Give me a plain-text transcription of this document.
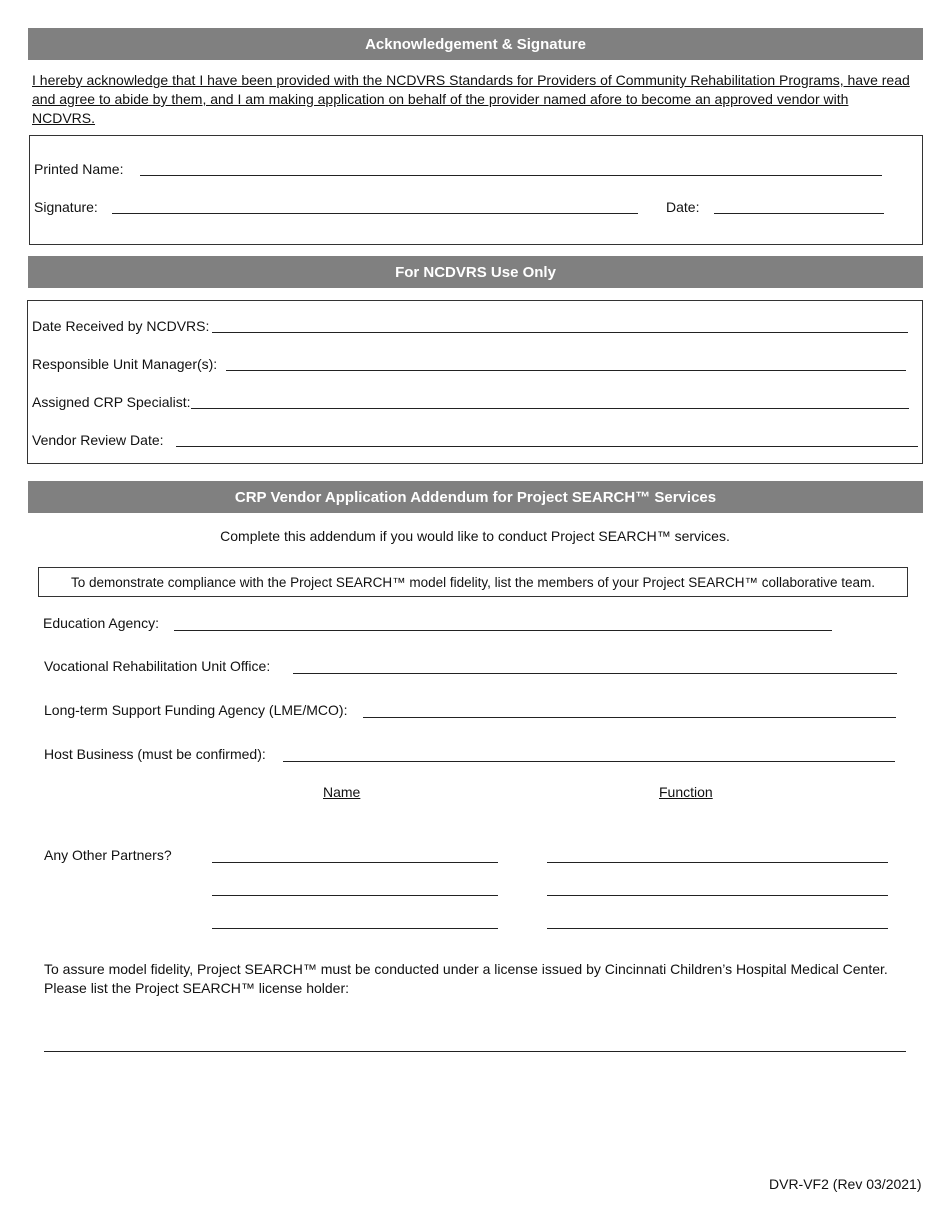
Acknowledgement & Signature
I hereby acknowledge that I have been provided with the NCDVRS Standards for Providers of Community Rehabilitation Programs, have read and agree to abide by them, and I am making application on behalf of the provider named afore to become an approved vendor with NCDVRS.
Printed Name:
Signature:	Date:
For NCDVRS Use Only
Date Received by NCDVRS:
Responsible Unit Manager(s):
Assigned CRP Specialist:
Vendor Review Date:
CRP Vendor Application Addendum for Project SEARCH™ Services
Complete this addendum if you would like to conduct Project SEARCH™ services.
To demonstrate compliance with the Project SEARCH™ model fidelity, list the members of your Project SEARCH™ collaborative team.
Education Agency:
Vocational Rehabilitation Unit Office:
Long-term Support Funding Agency (LME/MCO):
Host Business (must be confirmed):
Name	Function
Any Other Partners?
To assure model fidelity, Project SEARCH™ must be conducted under a license issued by Cincinnati Children’s Hospital Medical Center.
Please list the Project SEARCH™ license holder:
DVR-VF2 (Rev 03/2021)
